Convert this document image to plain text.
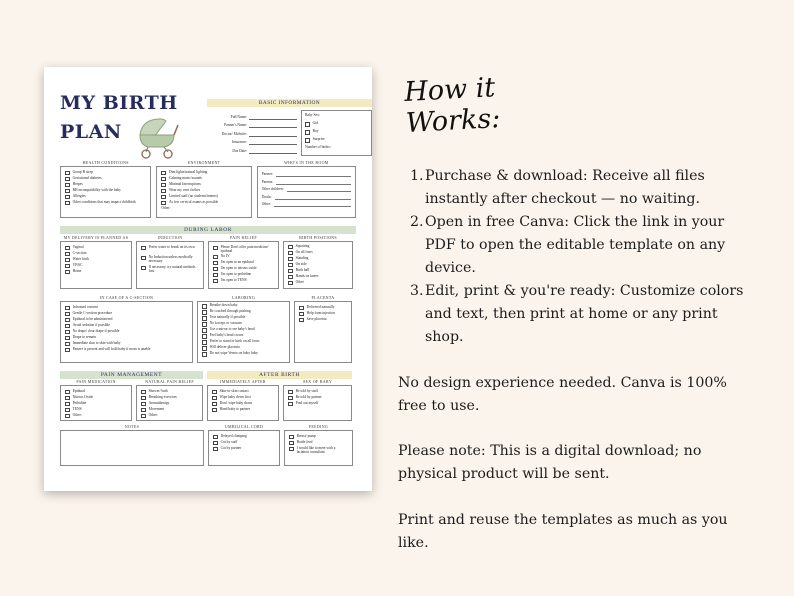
MY BIRTH
PLAN
BASIC INFORMATION
Full Name:
Partner's Name:
Doctor/ Midwife:
Insurance:
Due Date:
Baby Sex:
Girl
Boy
Surprise
Number of births:
HEALTH CONDITIONS
Group B strep
Gestational diabetes
Herpes
RH incompatibility with the baby
Allergies
Other conditions that may impact childbirth
ENVIRONMENT
Dim lights/natural lighting
Calming music/sounds
Minimal Interruptions
Wear my own clothes
Limited staff (no students/interns)
As few cervical exams as possible
Other:
WHO'S IN THE ROOM
Partner:
Parents:
Other children:
Doula:
Other:
DURING LABOR
MY DELIVERY IS PLANNED AS
Vaginal
C-section
Water birth
VBAC
Home
INDUCTION
Prefer water to break on its own
No Induction unless medically necessary
If necessary, try natural methods first
PAIN RELIEF
Please Don't offer pain medicine/ epidural
No IV
I'm open to an epidural
I'm open to nitrous oxide
I'm open to pethidine
I'm open to TENS
BIRTH POSITIONS
Squatting
On all fours
Standing
On side
Birth ball
Hands on knees
Other
IN CASE OF A C-SECTION
Informed consent
Gentle C-section procedure
Epidural to be administered
Avoid sedation if possible
No drape/ clear drape if possible
Drape to remain
Immediate skin to skin with baby
Partner is present and will hold baby if mom is unable
LABORING
Breathe down baby
Be coached through pushing
Tear naturally if possible
No forceps or vacuum
Use a mirror to see baby's head
Feel baby's head crown
Prefer to stand or birth on all fours
Will deliver placenta
Do not wipe Vernix on baby baby
PLACENTA
Delivered naturally
Help from injection
Save placenta
PAIN MANAGEMENT	AFTER BIRTH
PAIN MEDICATION
Epidural
Nitrous Oxide
Pethidine
TENS
Other:
NATURAL PAIN RELIEF
Shower/ bath
Breathing exercises
Aromatherapy
Movement
Other:
IMMEDIATELY AFTER
Skin-to-skin contact
Wipe baby down first
Don't wipe baby down
Hand baby to partner
SEX OF BABY
Be told by staff
Be told by partner
Find out myself
NOTES	UMBILICAL CORD
Delayed clamping
Cut by staff
Cut by partner
FEEDING
Breast/ pump
Bottle feed
I would like to meet with a lactation consultant
How it Works:
1. Purchase & download: Receive all files instantly after checkout — no waiting.
2. Open in free Canva: Click the link in your PDF to open the editable template on any device.
3. Edit, print & you're ready: Customize colors and text, then print at home or any print shop.
No design experience needed. Canva is 100% free to use.
Please note: This is a digital download; no physical product will be sent.
Print and reuse the templates as much as you like.
